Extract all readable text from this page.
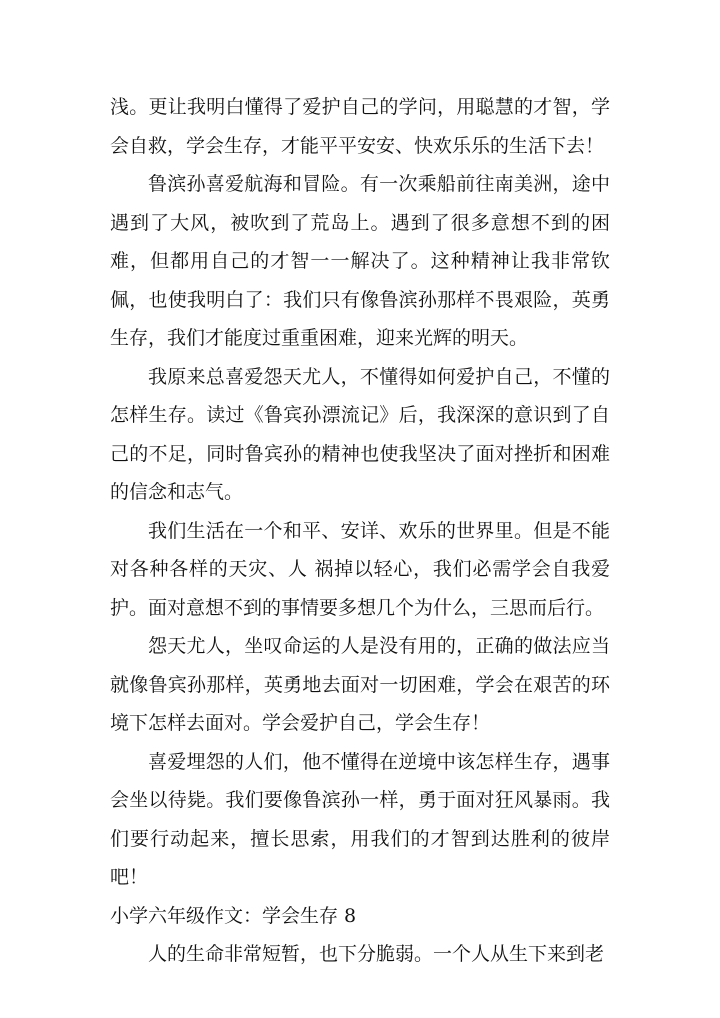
浅。更让我明白懂得了爱护自己的学问，用聪慧的才智，学会自救，学会生存，才能平平安安、快欢乐乐的生活下去！

鲁滨孙喜爱航海和冒险。有一次乘船前往南美洲，途中遇到了大风，被吹到了荒岛上。遇到了很多意想不到的困难，但都用自己的才智一一解决了。这种精神让我非常钦佩，也使我明白了：我们只有像鲁滨孙那样不畏艰险，英勇生存，我们才能度过重重困难，迎来光辉的明天。

我原来总喜爱怨天尤人，不懂得如何爱护自己，不懂的怎样生存。读过《鲁宾孙漂流记》后，我深深的意识到了自己的不足，同时鲁宾孙的精神也使我坚决了面对挫折和困难的信念和志气。

我们生活在一个和平、安详、欢乐的世界里。但是不能对各种各样的天灾、人 祸掉以轻心，我们必需学会自我爱护。面对意想不到的事情要多想几个为什么，三思而后行。

怨天尤人，坐叹命运的人是没有用的，正确的做法应当就像鲁宾孙那样，英勇地去面对一切困难，学会在艰苦的环境下怎样去面对。学会爱护自己，学会生存！

喜爱埋怨的人们，他不懂得在逆境中该怎样生存，遇事会坐以待毙。我们要像鲁滨孙一样，勇于面对狂风暴雨。我们要行动起来，擅长思索，用我们的才智到达胜利的彼岸吧！

小学六年级作文：学会生存 8

人的生命非常短暂，也下分脆弱。一个人从生下来到老
